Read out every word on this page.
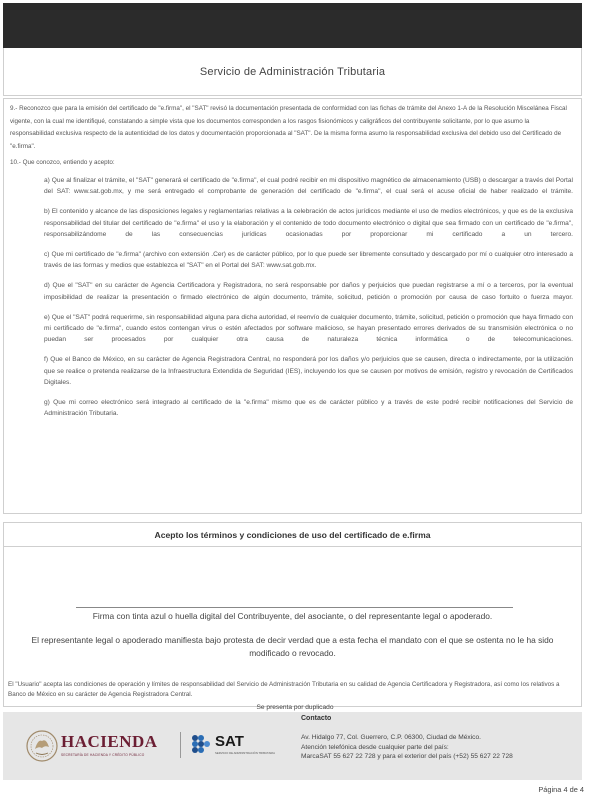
Servicio de Administración Tributaria
9.- Reconozco que para la emisión del certificado de "e.firma", el "SAT" revisó la documentación presentada de conformidad con las fichas de trámite del Anexo 1-A de la Resolución Miscelánea Fiscal vigente, con la cual me identifiqué, constatando a simple vista que los documentos corresponden a los rasgos fisionómicos y caligráficos del contribuyente solicitante, por lo que asumo la responsabilidad exclusiva respecto de la autenticidad de los datos y documentación proporcionada al "SAT". De la misma forma asumo la responsabilidad exclusiva del debido uso del Certificado de "e.firma".
10.- Que conozco, entiendo y acepto:
a) Que al finalizar el trámite, el "SAT" generará el certificado de "e.firma", el cual podré recibir en mi dispositivo magnético de almacenamiento (USB) o descargar a través del Portal del SAT: www.sat.gob.mx, y me será entregado el comprobante de generación del certificado de "e.firma", el cual será el acuse oficial de haber realizado el trámite.
b) El contenido y alcance de las disposiciones legales y reglamentarias relativas a la celebración de actos jurídicos mediante el uso de medios electrónicos, y que es de la exclusiva responsabilidad del titular del certificado de "e.firma" el uso y la elaboración y el contenido de todo documento electrónico o digital que sea firmado con un certificado de "e.firma", responsabilizándome de las consecuencias jurídicas ocasionadas por proporcionar mi certificado a un tercero.
c) Que mi certificado de "e.firma" (archivo con extensión .Cer) es de carácter público, por lo que puede ser libremente consultado y descargado por mí o cualquier otro interesado a través de las formas y medios que establezca el "SAT" en el Portal del SAT: www.sat.gob.mx.
d) Que el "SAT" en su carácter de Agencia Certificadora y Registradora, no será responsable por daños y perjuicios que puedan registrarse a mí o a terceros, por la eventual imposibilidad de realizar la presentación o firmado electrónico de algún documento, trámite, solicitud, petición o promoción por causa de caso fortuito o fuerza mayor.
e) Que el "SAT" podrá requerirme, sin responsabilidad alguna para dicha autoridad, el reenvío de cualquier documento, trámite, solicitud, petición o promoción que haya firmado con mi certificado de "e.firma", cuando estos contengan virus o estén afectados por software malicioso, se hayan presentado errores derivados de su transmisión electrónica o no puedan ser procesados por cualquier otra causa de naturaleza técnica informática o de telecomunicaciones.
f) Que el Banco de México, en su carácter de Agencia Registradora Central, no responderá por los daños y/o perjuicios que se causen, directa o indirectamente, por la utilización que se realice o pretenda realizarse de la Infraestructura Extendida de Seguridad (IES), incluyendo los que se causen por motivos de emisión, registro y revocación de Certificados Digitales.
g) Que mi correo electrónico será integrado al certificado de la "e.firma" mismo que es de carácter público y a través de este podré recibir notificaciones del Servicio de Administración Tributaria.
Acepto los términos y condiciones de uso del certificado de e.firma
Firma con tinta azul o huella digital del Contribuyente, del asociante, o del representante legal o apoderado.
El representante legal o apoderado manifiesta bajo protesta de decir verdad que a esta fecha el mandato con el que se ostenta no le ha sido modificado o revocado.
El "Usuario" acepta las condiciones de operación y límites de responsabilidad del Servicio de Administración Tributaria en su calidad de Agencia Certificadora y Registradora, así como los relativos a Banco de México en su carácter de Agencia Registradora Central.
Se presenta por duplicado
Contacto
HACIENDA
SECRETARÍA DE HACIENDA Y CRÉDITO PÚBLICO
SAT
SERVICIO DE ADMINISTRACIÓN TRIBUTARIA
Av. Hidalgo 77, Col. Guerrero, C.P. 06300, Ciudad de México.
Atención telefónica desde cualquier parte del país:
MarcaSAT 55 627 22 728 y para el exterior del país (+52) 55 627 22 728
Página 4 de 4
